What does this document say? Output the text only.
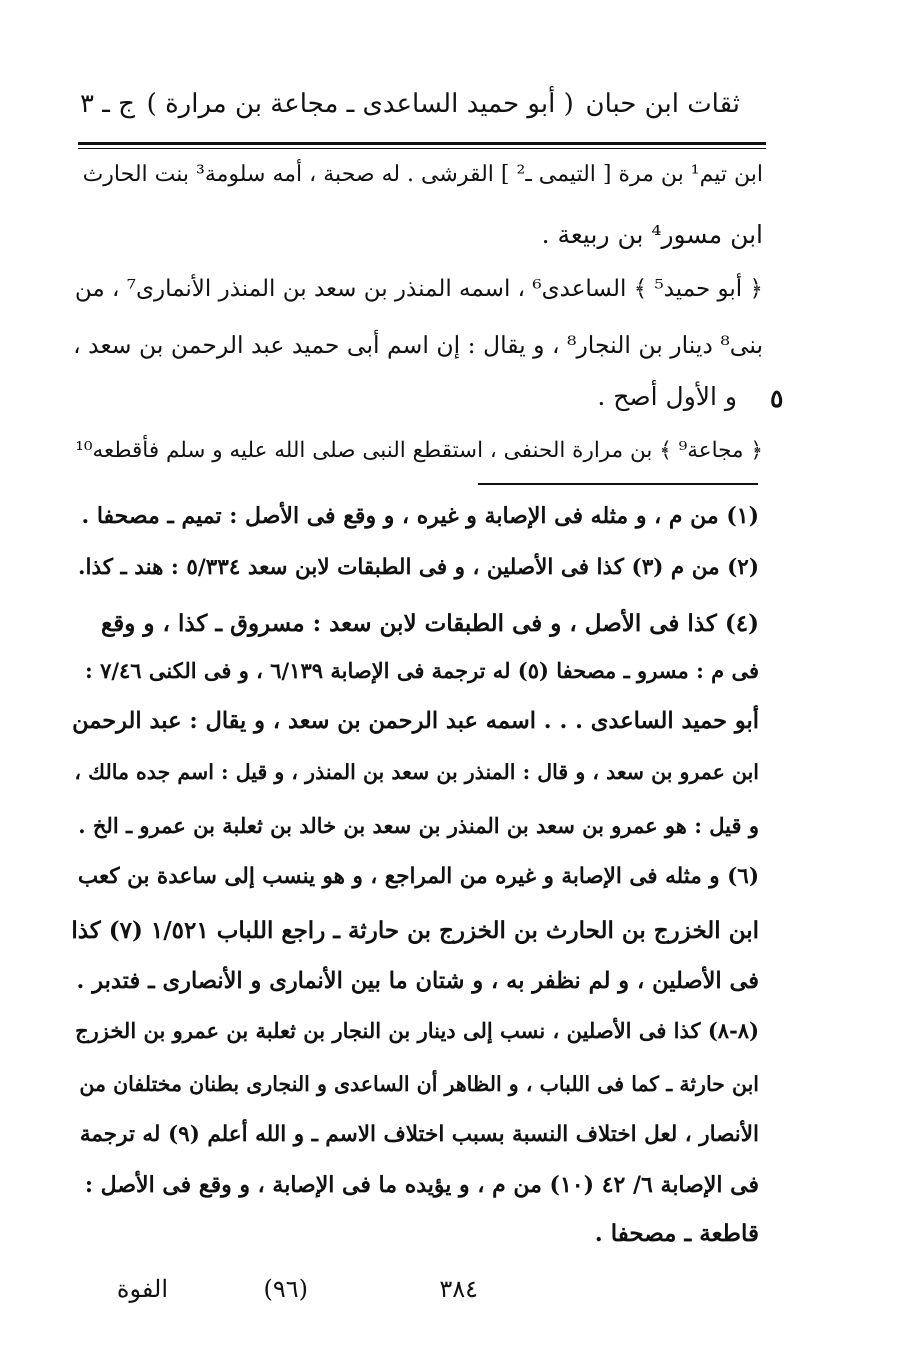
ثقات ابن حبان
( أبو حميد الساعدى ـ مجاعة بن مرارة )
ج ـ ٣
ابن تيم¹ بن مرة [ التيمى ـ² ] القرشى . له صحبة ، أمه سلومة³ بنت الحارث
ابن مسور⁴ بن ربيعة .
﴿ أبو حميد⁵ ﴾ الساعدى⁶ ، اسمه المنذر بن سعد بن المنذر الأنمارى⁷ ، من
بنى⁸ دينار بن النجار⁸ ، و يقال : إن اسم أبى حميد عبد الرحمن بن سعد ،
و الأول أصح .
﴿ مجاعة⁹ ﴾ بن مرارة الحنفى ، استقطع النبى صلى الله عليه و سلم فأقطعه¹⁰
٥
(١) من م ، و مثله فى الإصابة و غيره ، و وقع فى الأصل : تميم ـ مصحفا .
(٢) من م (٣) كذا فى الأصلين ، و فى الطبقات لابن سعد ٥/٣٣٤ : هند ـ كذا.
(٤) كذا فى الأصل ، و فى الطبقات لابن سعد : مسروق ـ كذا ، و وقع
فى م : مسرو ـ مصحفا (٥) له ترجمة فى الإصابة ٦/١٣٩ ، و فى الكنى ٧/٤٦ :
أبو حميد الساعدى . . . اسمه عبد الرحمن بن سعد ، و يقال : عبد الرحمن
ابن عمرو بن سعد ، و قال : المنذر بن سعد بن المنذر ، و قيل : اسم جده مالك ،
و قيل : هو عمرو بن سعد بن المنذر بن سعد بن خالد بن ثعلبة بن عمرو ـ الخ .
(٦) و مثله فى الإصابة و غيره من المراجع ، و هو ينسب إلى ساعدة بن كعب
ابن الخزرج بن الحارث بن الخزرج بن حارثة ـ راجع اللباب ١/٥٢١ (٧) كذا
فى الأصلين ، و لم نظفر به ، و شتان ما بين الأنمارى و الأنصارى ـ فتدبر .
(٨-٨) كذا فى الأصلين ، نسب إلى دينار بن النجار بن ثعلبة بن عمرو بن الخزرج
ابن حارثة ـ كما فى اللباب ، و الظاهر أن الساعدى و النجارى بطنان مختلفان من
الأنصار ، لعل اختلاف النسبة بسبب اختلاف الاسم ـ و الله أعلم (٩) له ترجمة
فى الإصابة ٦/ ٤٢ (١٠) من م ، و يؤيده ما فى الإصابة ، و وقع فى الأصل :
قاطعة ـ مصحفا .
٣٨٤
(٩٦)
الفوة
